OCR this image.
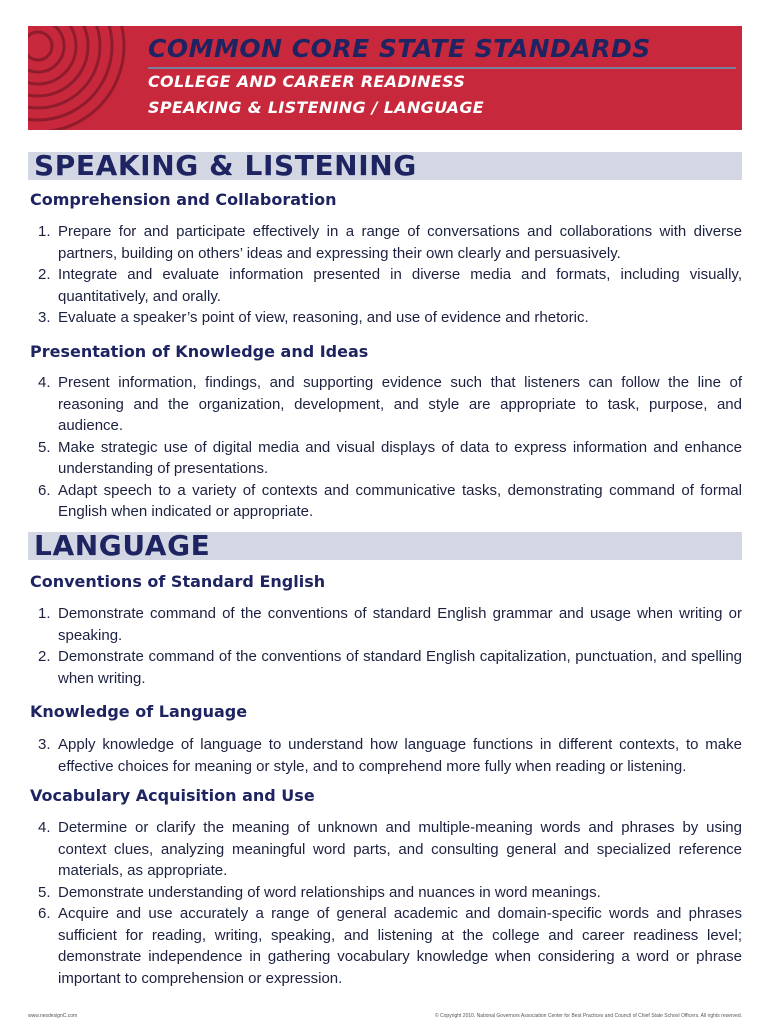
COMMON CORE STATE STANDARDS

COLLEGE AND CAREER READINESS

SPEAKING & LISTENING / LANGUAGE

SPEAKING & LISTENING
Comprehension and Collaboration
1. Prepare for and participate effectively in a range of conversations and collaborations with diverse partners, building on others’ ideas and expressing their own clearly and persuasively.
2. Integrate and evaluate information presented in diverse media and formats, including visually, quantitatively, and orally.
3. Evaluate a speaker’s point of view, reasoning, and use of evidence and rhetoric.
Presentation of Knowledge and Ideas
4. Present information, findings, and supporting evidence such that listeners can follow the line of reasoning and the organization, development, and style are appropriate to task, purpose, and audience.
5. Make strategic use of digital media and visual displays of data to express information and enhance understanding of presentations.
6. Adapt speech to a variety of contexts and communicative tasks, demonstrating command of formal English when indicated or appropriate.
LANGUAGE
Conventions of Standard English
1. Demonstrate command of the conventions of standard English grammar and usage when writing or speaking.
2. Demonstrate command of the conventions of standard English capitalization, punctuation, and spelling when writing.
Knowledge of Language
3. Apply knowledge of language to understand how language functions in different contexts, to make effective choices for meaning or style, and to comprehend more fully when reading or listening.
Vocabulary Acquisition and Use
4. Determine or clarify the meaning of unknown and multiple-meaning words and phrases by using context clues, analyzing meaningful word parts, and consulting general and specialized reference materials, as appropriate.
5. Demonstrate understanding of word relationships and nuances in word meanings.
6. Acquire and use accurately a range of general academic and domain-specific words and phrases sufficient for reading, writing, speaking, and listening at the college and career readiness level; demonstrate independence in gathering vocabulary knowledge when considering a word or phrase important to comprehension or expression.
www.nesdesignC.com	© Copyright 2010. National Governors Association Center for Best Practices and Council of Chief State School Officers. All rights reserved.
